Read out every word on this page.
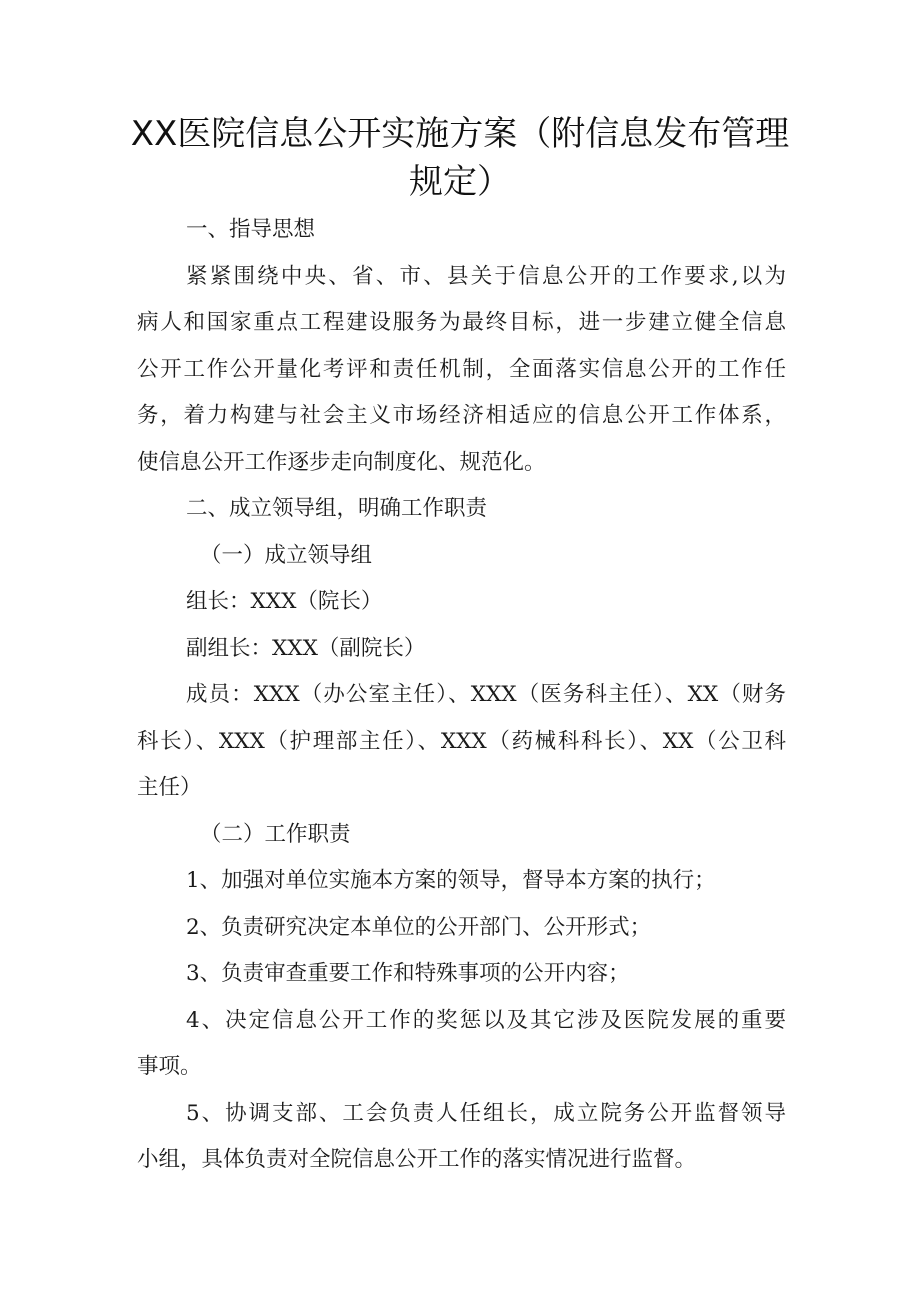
XX医院信息公开实施方案（附信息发布管理
规定）
一、指导思想
紧紧围绕中央、省、市、县关于信息公开的工作要求,以为
病人和国家重点工程建设服务为最终目标，进一步建立健全信息
公开工作公开量化考评和责任机制，全面落实信息公开的工作任
务，着力构建与社会主义市场经济相适应的信息公开工作体系，
使信息公开工作逐步走向制度化、规范化。
二、成立领导组，明确工作职责
（一）成立领导组
组长：XXX（院长）
副组长：XXX（副院长）
成员：XXX（办公室主任）、XXX（医务科主任）、XX（财务
科长）、XXX（护理部主任）、XXX（药械科科长）、XX（公卫科
主任）
（二）工作职责
1、加强对单位实施本方案的领导，督导本方案的执行；
2、负责研究决定本单位的公开部门、公开形式；
3、负责审查重要工作和特殊事项的公开内容；
4、决定信息公开工作的奖惩以及其它涉及医院发展的重要
事项。
5、协调支部、工会负责人任组长，成立院务公开监督领导
小组，具体负责对全院信息公开工作的落实情况进行监督。
